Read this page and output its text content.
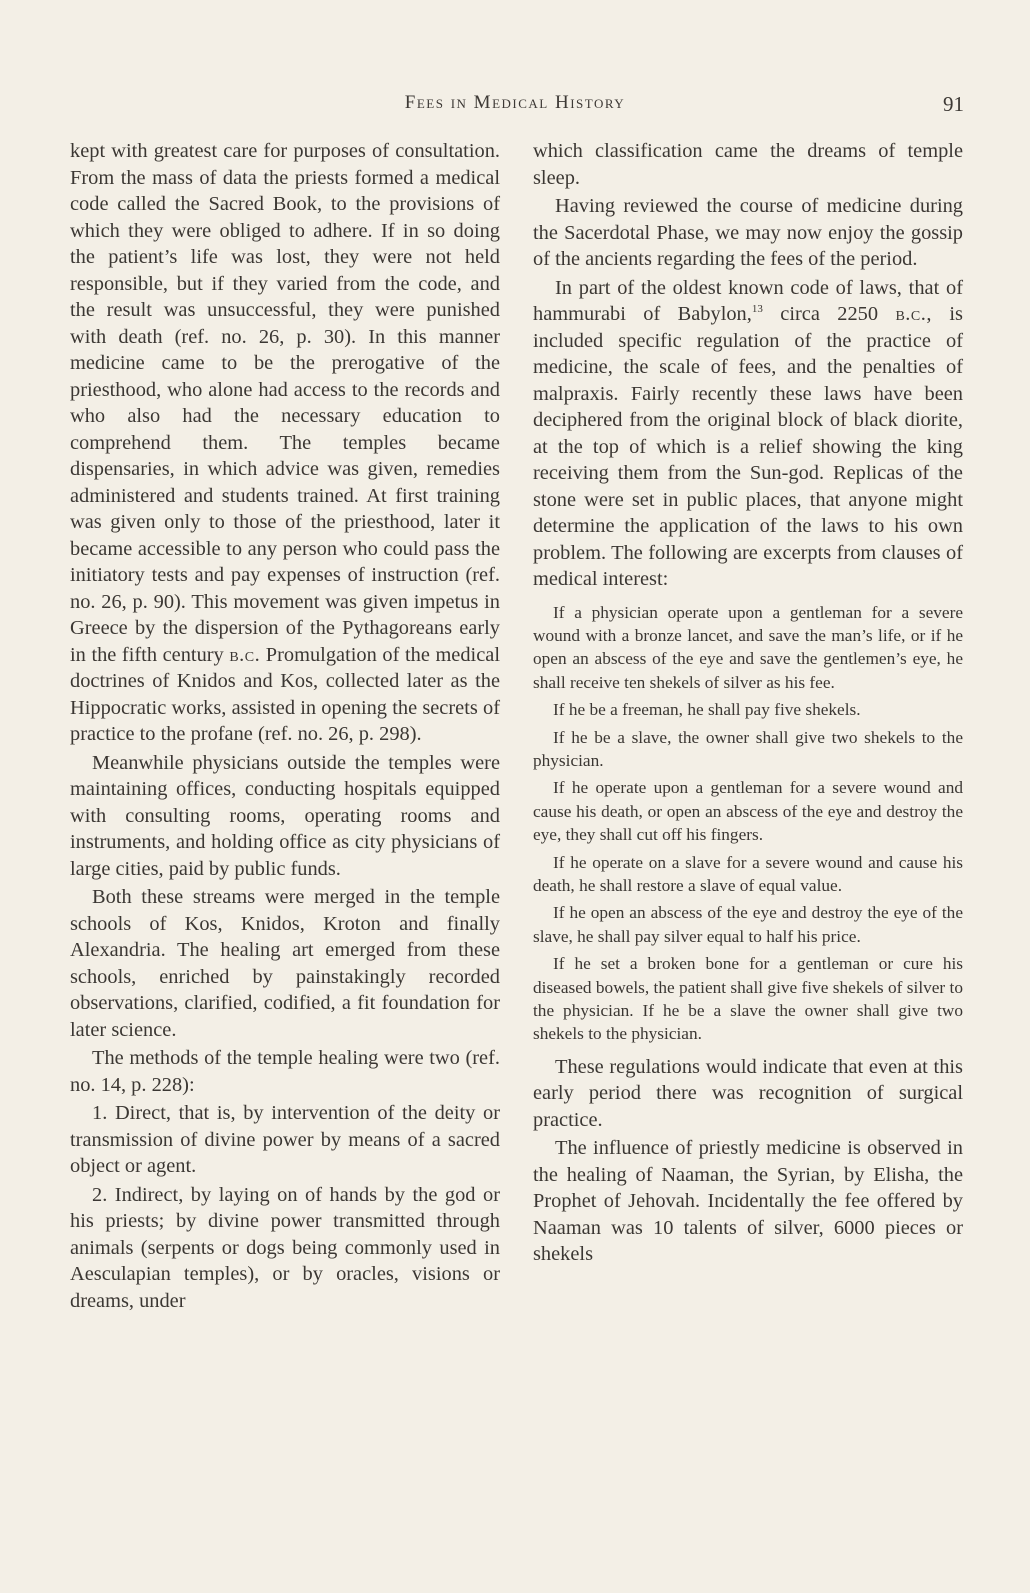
Fees in Medical History	91

kept with greatest care for purposes of consultation. From the mass of data the priests formed a medical code called the Sacred Book, to the provisions of which they were obliged to adhere. If in so doing the patient’s life was lost, they were not held responsible, but if they varied from the code, and the result was unsuccessful, they were punished with death (ref. no. 26, p. 30). In this manner medicine came to be the prerogative of the priesthood, who alone had access to the records and who also had the necessary education to comprehend them. The temples became dispensaries, in which advice was given, remedies administered and students trained. At first training was given only to those of the priesthood, later it became accessible to any person who could pass the initiatory tests and pay expenses of instruction (ref. no. 26, p. 90). This movement was given impetus in Greece by the dispersion of the Pythagoreans early in the fifth century b.c. Promulgation of the medical doctrines of Knidos and Kos, collected later as the Hippocratic works, assisted in opening the secrets of practice to the profane (ref. no. 26, p. 298).

Meanwhile physicians outside the temples were maintaining offices, conducting hospitals equipped with consulting rooms, operating rooms and instruments, and holding office as city physicians of large cities, paid by public funds.

Both these streams were merged in the temple schools of Kos, Knidos, Kroton and finally Alexandria. The healing art emerged from these schools, enriched by painstakingly recorded observations, clarified, codified, a fit foundation for later science.

The methods of the temple healing were two (ref. no. 14, p. 228):

1. Direct, that is, by intervention of the deity or transmission of divine power by means of a sacred object or agent.

2. Indirect, by laying on of hands by the god or his priests; by divine power transmitted through animals (serpents or dogs being commonly used in Aesculapian temples), or by oracles, visions or dreams, under

which classification came the dreams of temple sleep.

Having reviewed the course of medicine during the Sacerdotal Phase, we may now enjoy the gossip of the ancients regarding the fees of the period.

In part of the oldest known code of laws, that of hammurabi of Babylon,$^{13}$ circa 2250 b.c., is included specific regulation of the practice of medicine, the scale of fees, and the penalties of malpraxis. Fairly recently these laws have been deciphered from the original block of black diorite, at the top of which is a relief showing the king receiving them from the Sun-god. Replicas of the stone were set in public places, that anyone might determine the application of the laws to his own problem. The following are excerpts from clauses of medical interest:

If a physician operate upon a gentleman for a severe wound with a bronze lancet, and save the man’s life, or if he open an abscess of the eye and save the gentlemen’s eye, he shall receive ten shekels of silver as his fee.

If he be a freeman, he shall pay five shekels.

If he be a slave, the owner shall give two shekels to the physician.

If he operate upon a gentleman for a severe wound and cause his death, or open an abscess of the eye and destroy the eye, they shall cut off his fingers.

If he operate on a slave for a severe wound and cause his death, he shall restore a slave of equal value.

If he open an abscess of the eye and destroy the eye of the slave, he shall pay silver equal to half his price.

If he set a broken bone for a gentleman or cure his diseased bowels, the patient shall give five shekels of silver to the physician. If he be a slave the owner shall give two shekels to the physician.

These regulations would indicate that even at this early period there was recognition of surgical practice.

The influence of priestly medicine is observed in the healing of Naaman, the Syrian, by Elisha, the Prophet of Jehovah. Incidentally the fee offered by Naaman was 10 talents of silver, 6000 pieces or shekels
